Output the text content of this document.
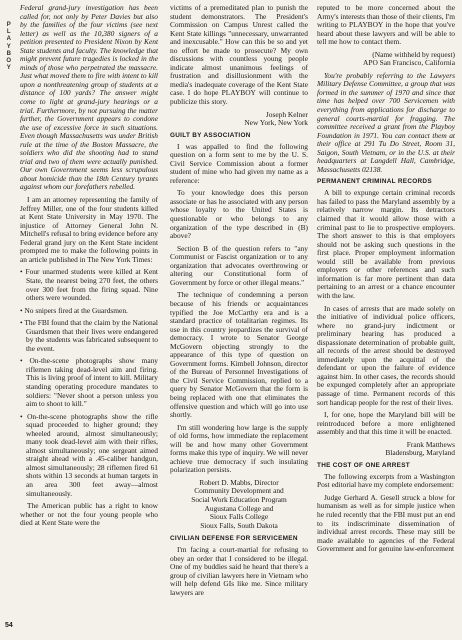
P
L
A
Y
B
O
Y
54

Federal grand-jury investigation has been called for, not only by Peter Davies but also by the families of the four victims (see next letter) as well as the 10,380 signers of a petition presented to President Nixon by Kent State students and faculty. The knowledge that might prevent future tragedies is locked in the minds of those who perpetrated the massacre. Just what moved them to fire with intent to kill upon a nonthreatening group of students at a distance of 100 yards? The answer might come to light at grand-jury hearings or a trial. Furthermore, by not pursuing the matter further, the Government appears to condone the use of excessive force in such situations. Even though Massachusetts was under British rule at the time of the Boston Massacre, the soldiers who did the shooting had to stand trial and two of them were actually punished. Our own Government seems less scrupulous about homicide than the 18th Century tyrants against whom our forefathers rebelled.

I am an attorney representing the family of Jeffrey Miller, one of the four students killed at Kent State University in May 1970. The injustice of Attorney General John N. Mitchell's refusal to bring evidence before any Federal grand jury on the Kent State incident prompted me to make the following points in an article published in The New York Times:

• Four unarmed students were killed at Kent State, the nearest being 270 feet, the others over 300 feet from the firing squad. Nine others were wounded.

• No snipers fired at the Guardsmen.

• The FBI found that the claim by the National Guardsmen that their lives were endangered by the students was fabricated subsequent to the event.

• On-the-scene photographs show many riflemen taking dead-level aim and firing. This is living proof of intent to kill. Military standing operating procedure mandates to soldiers: "Never shoot a person unless you aim to shoot to kill."

• On-the-scene photographs show the rifle squad proceeded to higher ground; they wheeled around, almost simultaneously; many took dead-level aim with their rifles, almost simultaneously; one sergeant aimed straight ahead with a .45-caliber handgun, almost simultaneously; 28 riflemen fired 61 shots within 13 seconds at human targets in an area 300 feet away—almost simultaneously.

The American public has a right to know whether or not the four young people who died at Kent State were the

victims of a premeditated plan to punish the student demonstrators. The President's Commission on Campus Unrest called the Kent State killings "unnecessary, unwarranted and inexcusable." How can this be so and yet no effort be made to prosecute? My own discussions with countless young people indicate almost unanimous feelings of frustration and disillusionment with the media's inadequate coverage of the Kent State case. I do hope PLAYBOY will continue to publicize this story.

Joseph Kelner

New York, New York

GUILT BY ASSOCIATION

I was appalled to find the following question on a form sent to me by the U. S. Civil Service Commission about a former student of mine who had given my name as a reference:

To your knowledge does this person associate or has he associated with any person whose loyalty to the United States is questionable or who belongs to any organization of the type described in (B) above?

Section B of the question refers to "any Communist or Fascist organization or to any organization that advocates overthrowing or altering our Constitutional form of Government by force or other illegal means."

The technique of condemning a person because of his friends or acquaintances typified the Joe McCarthy era and is a standard practice of totalitarian regimes. Its use in this country jeopardizes the survival of democracy. I wrote to Senator George McGovern objecting strongly to the appearance of this type of question on Government forms. Kimbell Johnson, director of the Bureau of Personnel Investigations of the Civil Service Commission, replied to a query by Senator McGovern that the form is being replaced with one that eliminates the offensive question and which will go into use shortly.

I'm still wondering how large is the supply of old forms, how immediate the replacement will be and how many other Government forms make this type of inquiry. We will never achieve true democracy if such insulating polarization persists.

Robert D. Mabbs, Director
Community Development and
Social Work Education Program
Augustana College and
Sioux Falls College
Sioux Falls, South Dakota
CIVILIAN DEFENSE FOR SERVICEMEN

I'm facing a court-martial for refusing to obey an order that I considered to be illegal. One of my buddies said he heard that there's a group of civilian lawyers here in Vietnam who will help defend GIs like me. Since military lawyers are

reputed to be more concerned about the Army's interests than those of their clients, I'm writing to PLAYBOY in the hope that you've heard about these lawyers and will be able to tell me how to contact them.

(Name withheld by request)

APO San Francisco, California

You're probably referring to the Lawyers Military Defense Committee, a group that was formed in the summer of 1970 and since that time has helped over 700 Servicemen with everything from applications for discharge to general courts-martial for fragging. The committee received a grant from the Playboy Foundation in 1971. You can contact them at their office at 291 Tu Do Street, Room 31, Saigon, South Vietnam, or in the U.S. at their headquarters at Langdell Hall, Cambridge, Massachusetts 02138.

PERMANENT CRIMINAL RECORDS

A bill to expunge certain criminal records has failed to pass the Maryland assembly by a relatively narrow margin. Its detractors claimed that it would allow those with a criminal past to lie to prospective employers. The short answer to this is that employers should not be asking such questions in the first place. Proper employment information would still be available from previous employers or other references and such information is far more pertinent than data pertaining to an arrest or a chance encounter with the law.

In cases of arrests that are made solely on the initiative of individual police officers, where no grand-jury indictment or preliminary hearing has produced a dispassionate determination of probable guilt, all records of the arrest should be destroyed immediately upon the acquittal of the defendant or upon the failure of evidence against him. In other cases, the records should be expunged completely after an appropriate passage of time. Permanent records of this sort handicap people for the rest of their lives.

I, for one, hope the Maryland bill will be reintroduced before a more enlightened assembly and that this time it will be enacted.

Frank Matthews

Bladensburg, Maryland

THE COST OF ONE ARREST

The following excerpts from a Washington Post editorial have my complete endorsement:

Judge Gerhard A. Gesell struck a blow for humanism as well as for simple justice when he ruled recently that the FBI must put an end to its indiscriminate dissemination of individual arrest records. These may still be made available to agencies of the Federal Government and for genuine law-enforcement
